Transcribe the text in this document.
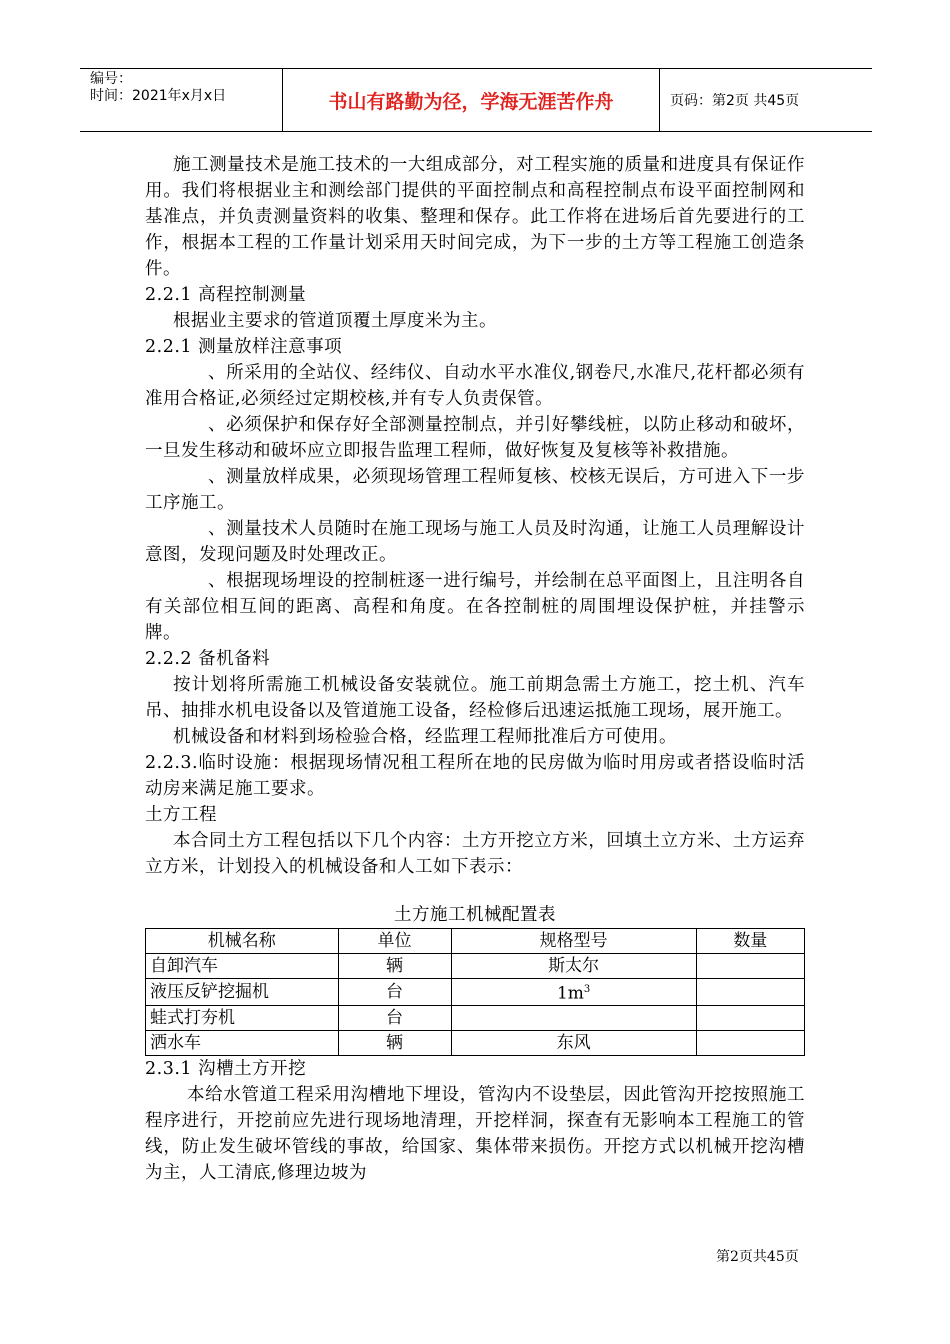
编号：
时间：2021年x月x日	书山有路勤为径，学海无涯苦作舟	页码：第2页 共45页

施工测量技术是施工技术的一大组成部分，对工程实施的质量和进度具有保证作用。我们将根据业主和测绘部门提供的平面控制点和高程控制点布设平面控制网和基准点，并负责测量资料的收集、整理和保存。此工作将在进场后首先要进行的工作，根据本工程的工作量计划采用天时间完成，为下一步的土方等工程施工创造条件。

2.2.1 高程控制测量

根据业主要求的管道顶覆土厚度米为主。

2.2.1 测量放样注意事项

、所采用的全站仪、经纬仪、自动水平水准仪,钢卷尺,水准尺,花杆都必须有准用合格证,必须经过定期校核,并有专人负责保管。

、必须保护和保存好全部测量控制点，并引好攀线桩，以防止移动和破坏，一旦发生移动和破坏应立即报告监理工程师，做好恢复及复核等补救措施。

、测量放样成果，必须现场管理工程师复核、校核无误后，方可进入下一步工序施工。

、测量技术人员随时在施工现场与施工人员及时沟通，让施工人员理解设计意图，发现问题及时处理改正。

、根据现场埋设的控制桩逐一进行编号，并绘制在总平面图上，且注明各自有关部位相互间的距离、高程和角度。在各控制桩的周围埋设保护桩，并挂警示牌。

2.2.2 备机备料

按计划将所需施工机械设备安装就位。施工前期急需土方施工，挖土机、汽车吊、抽排水机电设备以及管道施工设备，经检修后迅速运抵施工现场，展开施工。

机械设备和材料到场检验合格，经监理工程师批准后方可使用。

2.2.3.临时设施：根据现场情况租工程所在地的民房做为临时用房或者搭设临时活动房来满足施工要求。

土方工程

本合同土方工程包括以下几个内容：土方开挖立方米，回填土立方米、土方运弃立方米，计划投入的机械设备和人工如下表示：

土方施工机械配置表
机械名称	单位	规格型号	数量
自卸汽车	辆	斯太尔	
液压反铲挖掘机	台	$1m^3$	
蛙式打夯机	台		
洒水车	辆	东风	

2.3.1 沟槽土方开挖

本给水管道工程采用沟槽地下埋设，管沟内不设垫层，因此管沟开挖按照施工程序进行，开挖前应先进行现场地清理，开挖样洞，探查有无影响本工程施工的管线，防止发生破坏管线的事故，给国家、集体带来损伤。开挖方式以机械开挖沟槽为主，人工清底,修理边坡为

第2页共45页
